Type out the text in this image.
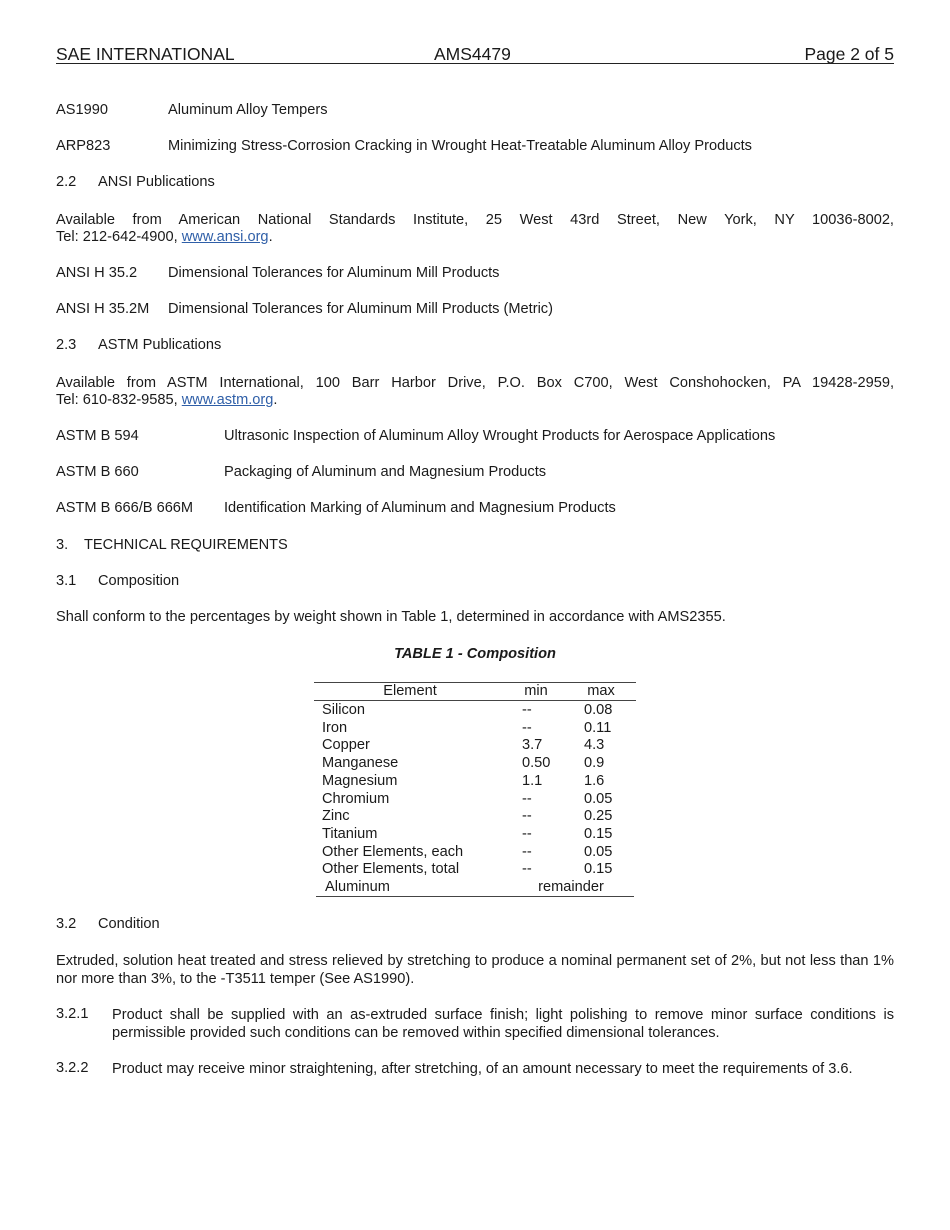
SAE INTERNATIONAL	AMS4479	Page 2 of 5
AS1990	Aluminum Alloy Tempers
ARP823	Minimizing Stress-Corrosion Cracking in Wrought Heat-Treatable Aluminum Alloy Products
2.2 ANSI Publications
Available from American National Standards Institute, 25 West 43rd Street, New York, NY 10036-8002,
Tel: 212-642-4900, www.ansi.org.
ANSI H 35.2 Dimensional Tolerances for Aluminum Mill Products
ANSI H 35.2M Dimensional Tolerances for Aluminum Mill Products (Metric)
2.3 ASTM Publications
Available from ASTM International, 100 Barr Harbor Drive, P.O. Box C700, West Conshohocken, PA 19428-2959,
Tel: 610-832-9585, www.astm.org.
ASTM B 594	Ultrasonic Inspection of Aluminum Alloy Wrought Products for Aerospace Applications
ASTM B 660	Packaging of Aluminum and Magnesium Products
ASTM B 666/B 666M Identification Marking of Aluminum and Magnesium Products
3. TECHNICAL REQUIREMENTS
3.1 Composition
Shall conform to the percentages by weight shown in Table 1, determined in accordance with AMS2355.
TABLE 1 - Composition
Element	min	max
Silicon	--	0.08
Iron	--	0.11
Copper	3.7	4.3
Manganese	0.50 0.9
Magnesium	1.1	1.6
Chromium	--	0.05
Zinc	--	0.25
Titanium	--	0.15
Other Elements, each	--	0.05
Other Elements, total	--	0.15
Aluminum	remainder
3.2 Condition
Extruded, solution heat treated and stress relieved by stretching to produce a nominal permanent set of 2%, but not less than 1% nor more than 3%, to the -T3511 temper (See AS1990).
3.2.1 Product shall be supplied with an as-extruded surface finish; light polishing to remove minor surface conditions is permissible provided such conditions can be removed within specified dimensional tolerances.
3.2.2 Product may receive minor straightening, after stretching, of an amount necessary to meet the requirements of 3.6.
